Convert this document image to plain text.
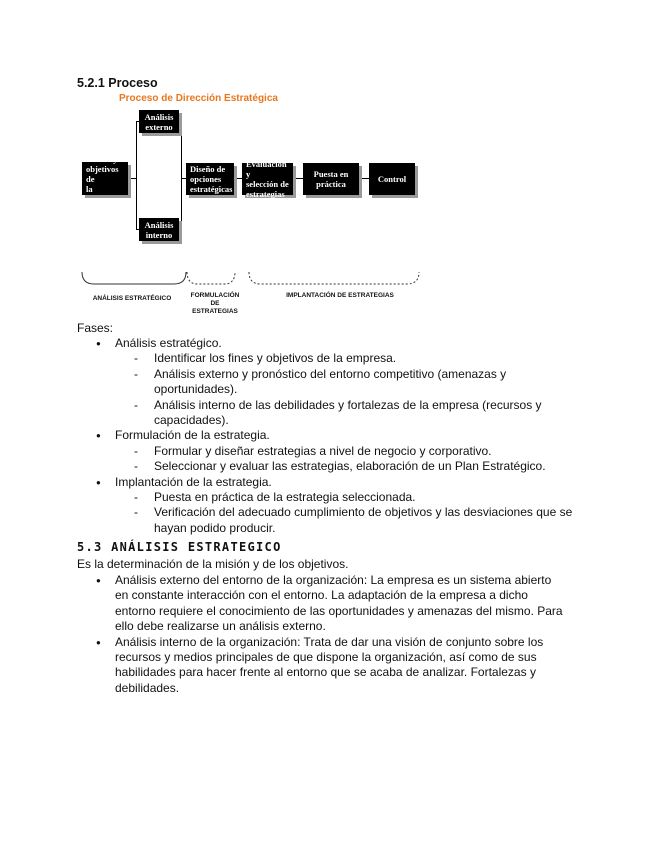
5.2.1 Proceso
Proceso de Dirección Estratégica
Misión y
objetivos de
la empresa
Análisis
externo
Análisis
interno
Diseño de
opciones
estratégicas
Evaluación y
selección de
estrategias
Puesta en
práctica	Control
ANÁLISIS ESTRATÉGICO	FORMULACIÓN
DE
ESTRATEGIAS
IMPLANTACIÓN DE ESTRATEGIAS
Fases:
● Análisis estratégico.
- Identificar los fines y objetivos de la empresa.
- Análisis externo y pronóstico del entorno competitivo (amenazas y oportunidades).
- Análisis interno de las debilidades y fortalezas de la empresa (recursos y capacidades).
● Formulación de la estrategia.
- Formular y diseñar estrategias a nivel de negocio y corporativo.
- Seleccionar y evaluar las estrategias, elaboración de un Plan Estratégico.
● Implantación de la estrategia.
- Puesta en práctica de la estrategia seleccionada.
- Verificación del adecuado cumplimiento de objetivos y las desviaciones que se hayan podido producir.
5.3 ANÁLISIS ESTRATEGICO
Es la determinación de la misión y de los objetivos.
● Análisis externo del entorno de la organización: La empresa es un sistema abierto en constante interacción con el entorno. La adaptación de la empresa a dicho entorno requiere el conocimiento de las oportunidades y amenazas del mismo. Para ello debe realizarse un análisis externo.
● Análisis interno de la organización: Trata de dar una visión de conjunto sobre los recursos y medios principales de que dispone la organización, así como de sus habilidades para hacer frente al entorno que se acaba de analizar. Fortalezas y debilidades.
